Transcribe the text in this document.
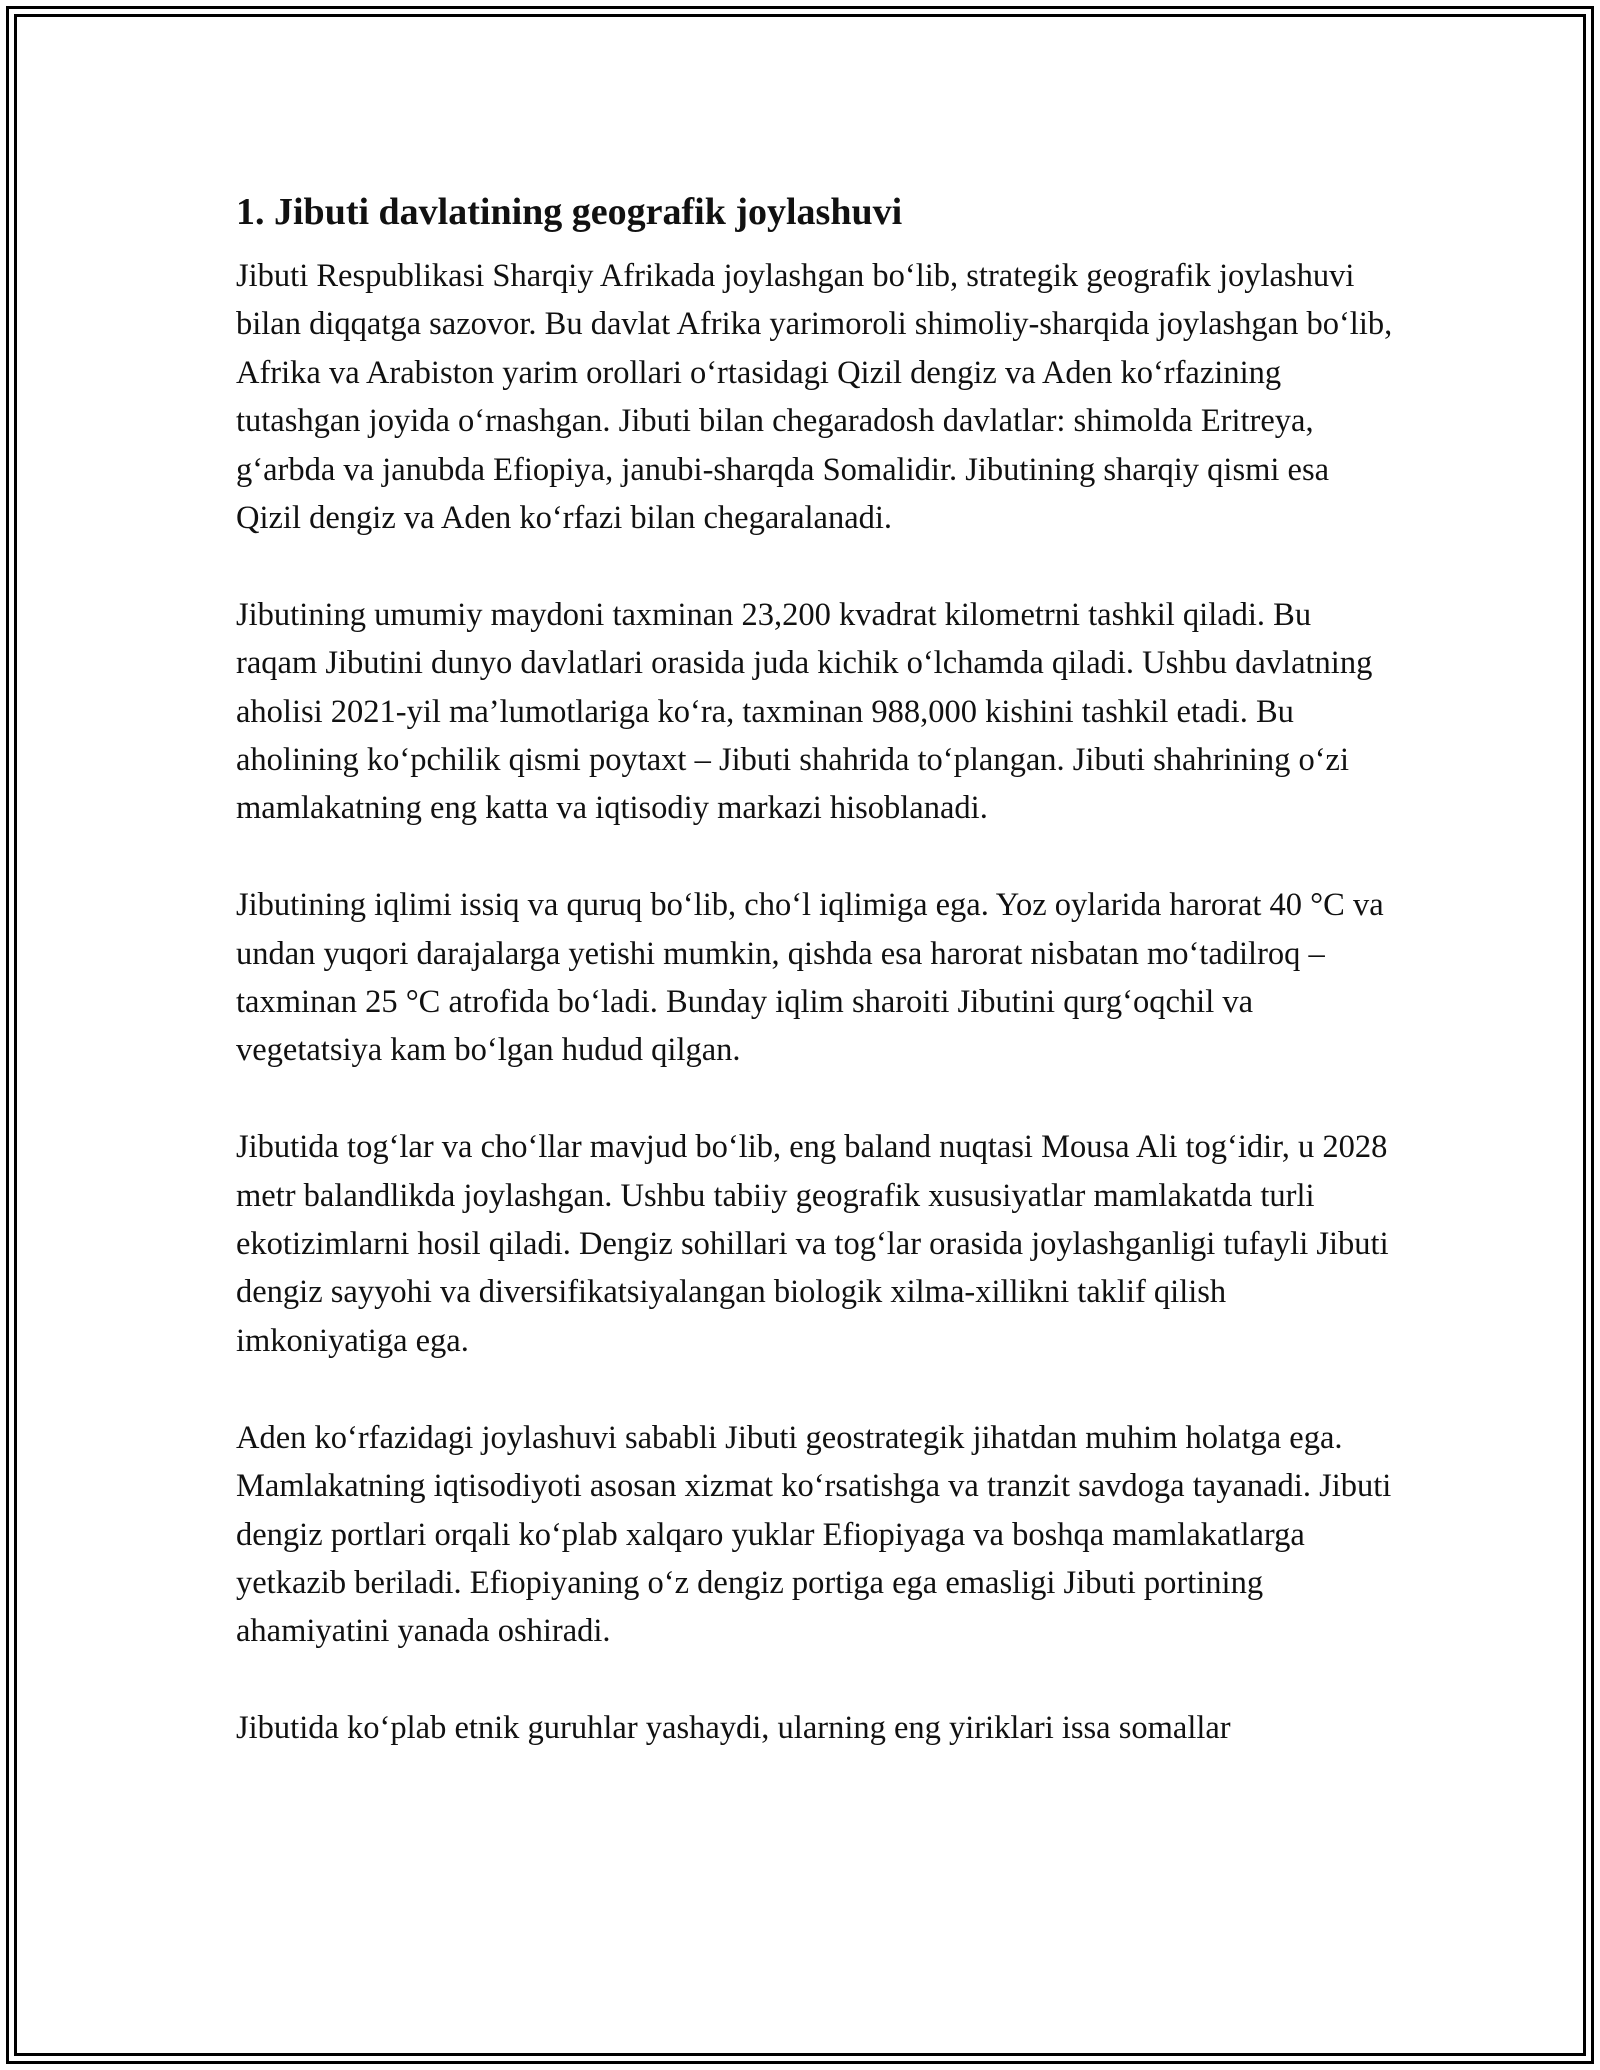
1. Jibuti davlatining geografik joylashuvi

Jibuti Respublikasi Sharqiy Afrikada joylashgan bo‘lib, strategik geografik joylashuvi bilan diqqatga sazovor. Bu davlat Afrika yarimoroli shimoliy-sharqida joylashgan bo‘lib, Afrika va Arabiston yarim orollari o‘rtasidagi Qizil dengiz va Aden ko‘rfazining tutashgan joyida o‘rnashgan. Jibuti bilan chegaradosh davlatlar: shimolda Eritreya, g‘arbda va janubda Efiopiya, janubi-sharqda Somalidir. Jibutining sharqiy qismi esa Qizil dengiz va Aden ko‘rfazi bilan chegaralanadi.

Jibutining umumiy maydoni taxminan 23,200 kvadrat kilometrni tashkil qiladi. Bu raqam Jibutini dunyo davlatlari orasida juda kichik o‘lchamda qiladi. Ushbu davlatning aholisi 2021-yil ma’lumotlariga ko‘ra, taxminan 988,000 kishini tashkil etadi. Bu aholining ko‘pchilik qismi poytaxt – Jibuti shahrida to‘plangan. Jibuti shahrining o‘zi mamlakatning eng katta va iqtisodiy markazi hisoblanadi.

Jibutining iqlimi issiq va quruq bo‘lib, cho‘l iqlimiga ega. Yoz oylarida harorat 40 °C va undan yuqori darajalarga yetishi mumkin, qishda esa harorat nisbatan mo‘tadilroq – taxminan 25 °C atrofida bo‘ladi. Bunday iqlim sharoiti Jibutini qurg‘oqchil va vegetatsiya kam bo‘lgan hudud qilgan.

Jibutida tog‘lar va cho‘llar mavjud bo‘lib, eng baland nuqtasi Mousa Ali tog‘idir, u 2028 metr balandlikda joylashgan. Ushbu tabiiy geografik xususiyatlar mamlakatda turli ekotizimlarni hosil qiladi. Dengiz sohillari va tog‘lar orasida joylashganligi tufayli Jibuti dengiz sayyohi va diversifikatsiyalangan biologik xilma-xillikni taklif qilish imkoniyatiga ega.

Aden ko‘rfazidagi joylashuvi sababli Jibuti geostrategik jihatdan muhim holatga ega. Mamlakatning iqtisodiyoti asosan xizmat ko‘rsatishga va tranzit savdoga tayanadi. Jibuti dengiz portlari orqali ko‘plab xalqaro yuklar Efiopiyaga va boshqa mamlakatlarga yetkazib beriladi. Efiopiyaning o‘z dengiz portiga ega emasligi Jibuti portining ahamiyatini yanada oshiradi.

Jibutida ko‘plab etnik guruhlar yashaydi, ularning eng yiriklari issa somallar
